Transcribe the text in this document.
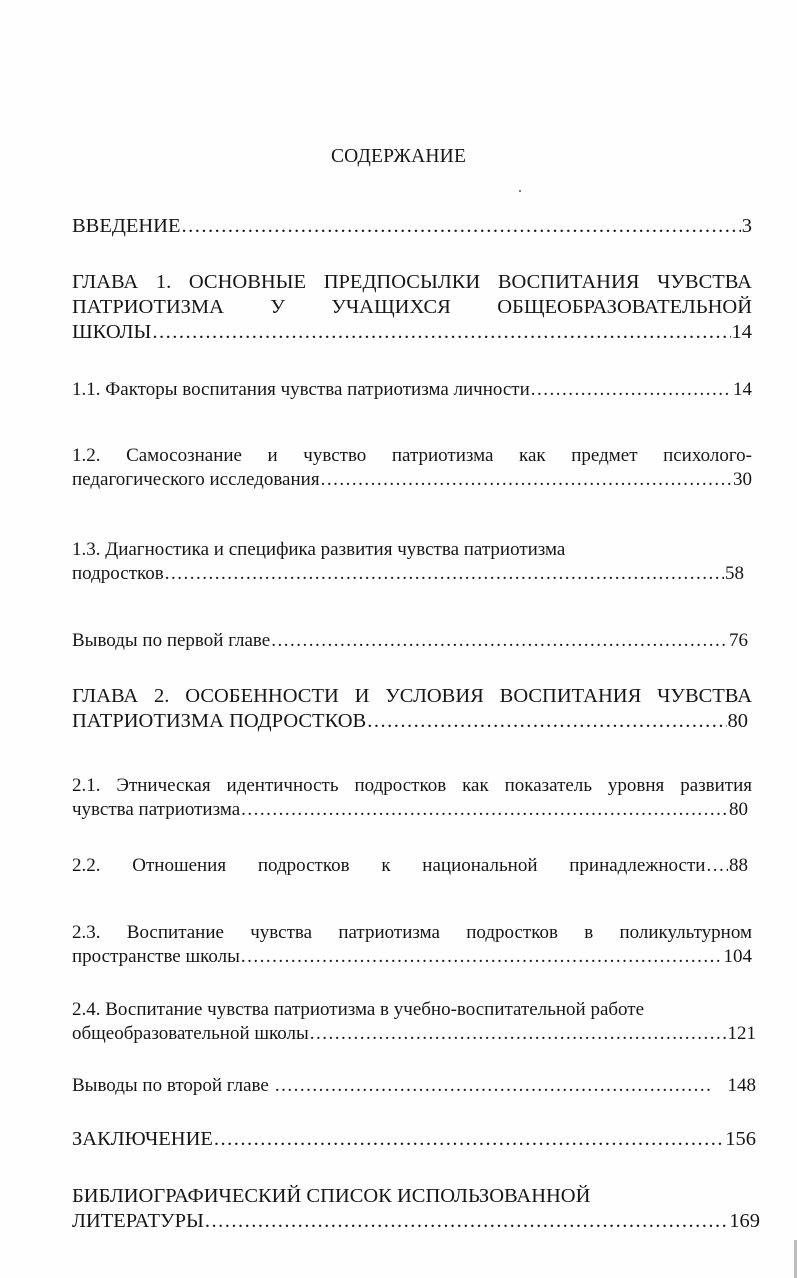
СОДЕРЖАНИЕ
ВВЕДЕНИЕ .....	3
ГЛАВА 1. ОСНОВНЫЕ ПРЕДПОСЫЛКИ ВОСПИТАНИЯ ЧУВСТВА
ПАТРИОТИЗМА У УЧАЩИХСЯ ОБЩЕОБРАЗОВАТЕЛЬНОЙ
ШКОЛЫ .....	14
1.1. Факторы воспитания чувства патриотизма личности .....	14
1.2. Самосознание и чувство патриотизма как предмет психолого-
педагогического исследования .....	30
1.3. Диагностика и специфика развития чувства патриотизма
подростков .....	58
Выводы по первой главе .....	76
ГЛАВА 2. ОСОБЕННОСТИ И УСЛОВИЯ ВОСПИТАНИЯ ЧУВСТВА
ПАТРИОТИЗМА ПОДРОСТКОВ .....	80
2.1. Этническая идентичность подростков как показатель уровня развития
чувства патриотизма .....	80
2.2. Отношения подростков к национальной принадлежности ..... 88
2.3. Воспитание чувства патриотизма подростков в поликультурном
пространстве школы .....	104
2.4. Воспитание чувства патриотизма в учебно-воспитательной работе
общеобразовательной школы .....	121
Выводы по второй главе .....	148
ЗАКЛЮЧЕНИЕ .....	156
БИБЛИОГРАФИЧЕСКИЙ СПИСОК ИСПОЛЬЗОВАННОЙ
ЛИТЕРАТУРЫ .....	169
